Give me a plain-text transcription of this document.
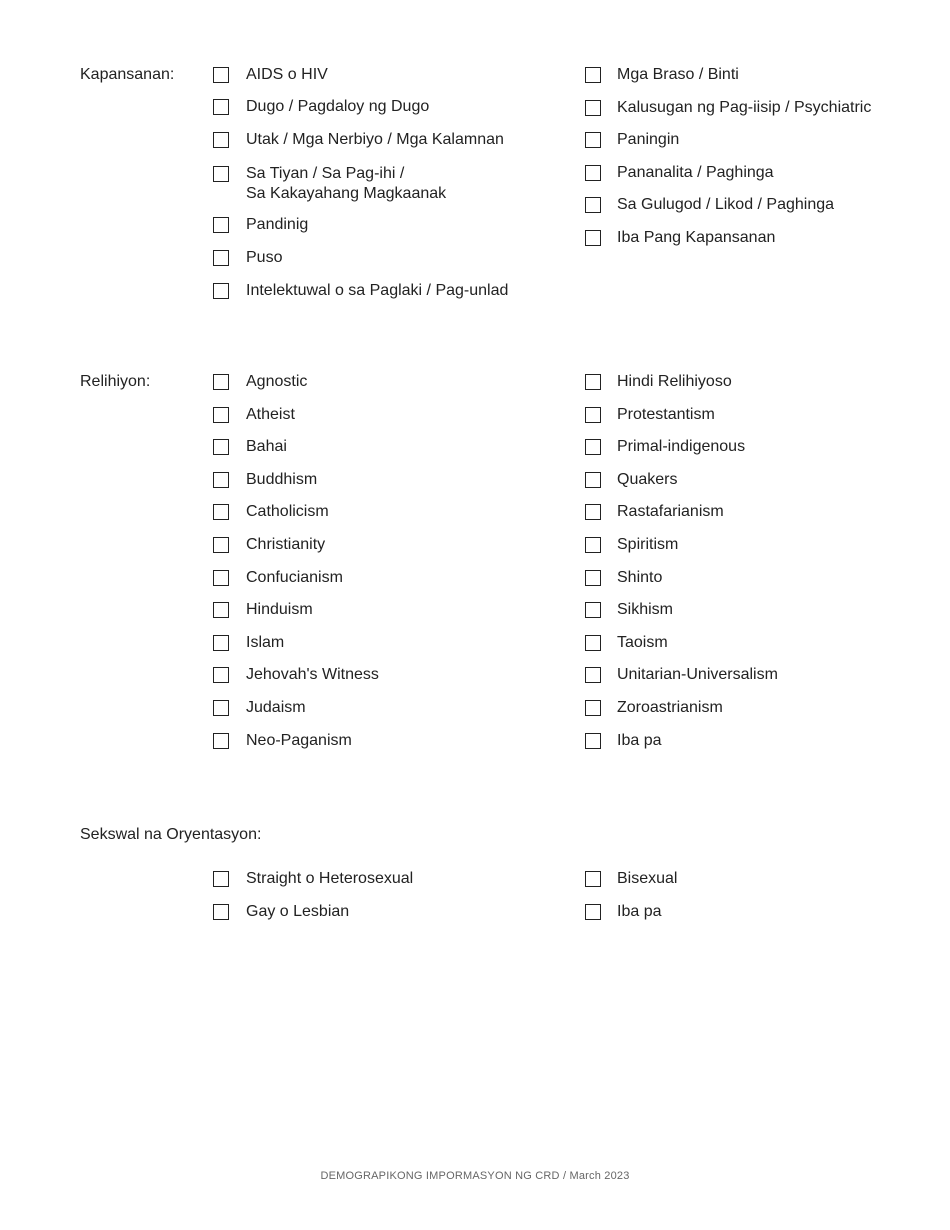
Kapansanan:	AIDS o HIV
Dugo / Pagdaloy ng Dugo
Utak / Mga Nerbiyo / Mga Kalamnan
Sa Tiyan / Sa Pag-ihi /
Sa Kakayahang Magkaanak
Pandinig
Puso
Intelektuwal o sa Paglaki / Pag-unlad
Mga Braso / Binti
Kalusugan ng Pag-iisip / Psychiatric
Paningin
Pananalita / Paghinga
Sa Gulugod / Likod / Paghinga
Iba Pang Kapansanan
Relihiyon:	Agnostic
Atheist
Bahai
Buddhism
Catholicism
Christianity
Confucianism
Hinduism
Islam
Jehovah's Witness
Judaism
Neo-Paganism
Hindi Relihiyoso
Protestantism
Primal-indigenous
Quakers
Rastafarianism
Spiritism
Shinto
Sikhism
Taoism
Unitarian-Universalism
Zoroastrianism
Iba pa
Sekswal na Oryentasyon:
Straight o Heterosexual
Gay o Lesbian
Bisexual
Iba pa
DEMOGRAPIKONG IMPORMASYON NG CRD / March 2023
